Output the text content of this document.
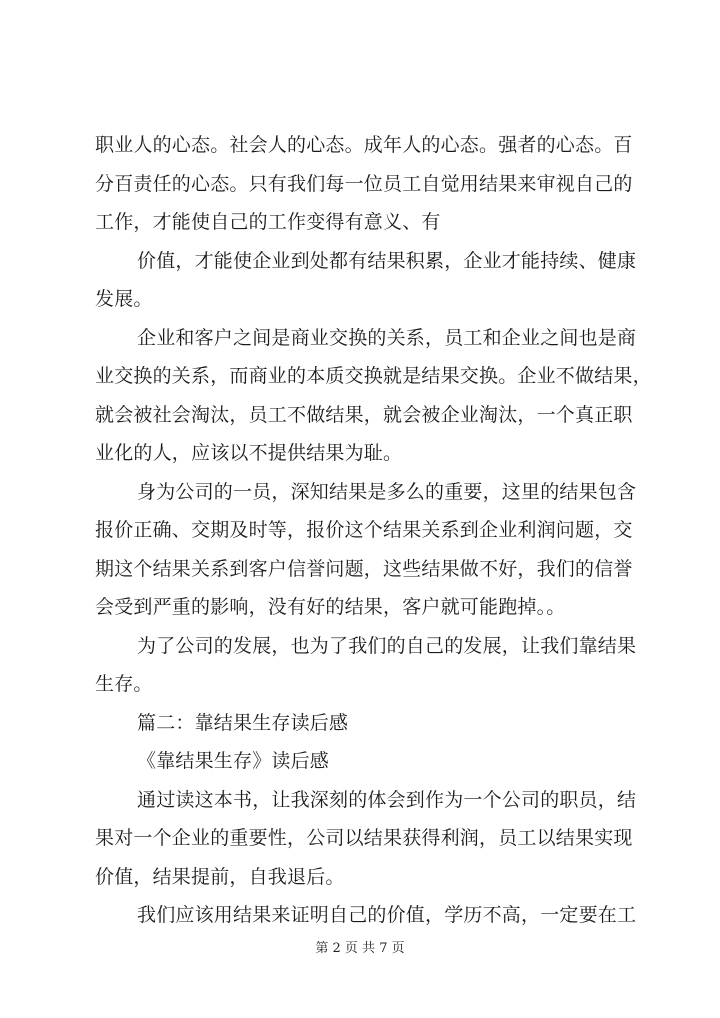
职业人的心态。社会人的心态。成年人的心态。强者的心态。百
分百责任的心态。只有我们每一位员工自觉用结果来审视自己的
工作，才能使自己的工作变得有意义、有
价值，才能使企业到处都有结果积累，企业才能持续、健康
发展。
企业和客户之间是商业交换的关系，员工和企业之间也是商
业交换的关系，而商业的本质交换就是结果交换。企业不做结果，
就会被社会淘汰，员工不做结果，就会被企业淘汰，一个真正职
业化的人，应该以不提供结果为耻。
身为公司的一员，深知结果是多么的重要，这里的结果包含
报价正确、交期及时等，报价这个结果关系到企业利润问题，交
期这个结果关系到客户信誉问题，这些结果做不好，我们的信誉
会受到严重的影响，没有好的结果，客户就可能跑掉。。
为了公司的发展，也为了我们的自己的发展，让我们靠结果
生存。
篇二：靠结果生存读后感
《靠结果生存》读后感
通过读这本书，让我深刻的体会到作为一个公司的职员，结
果对一个企业的重要性，公司以结果获得利润，员工以结果实现
价值，结果提前，自我退后。
我们应该用结果来证明自己的价值，学历不高，一定要在工
第 2 页 共 7 页
